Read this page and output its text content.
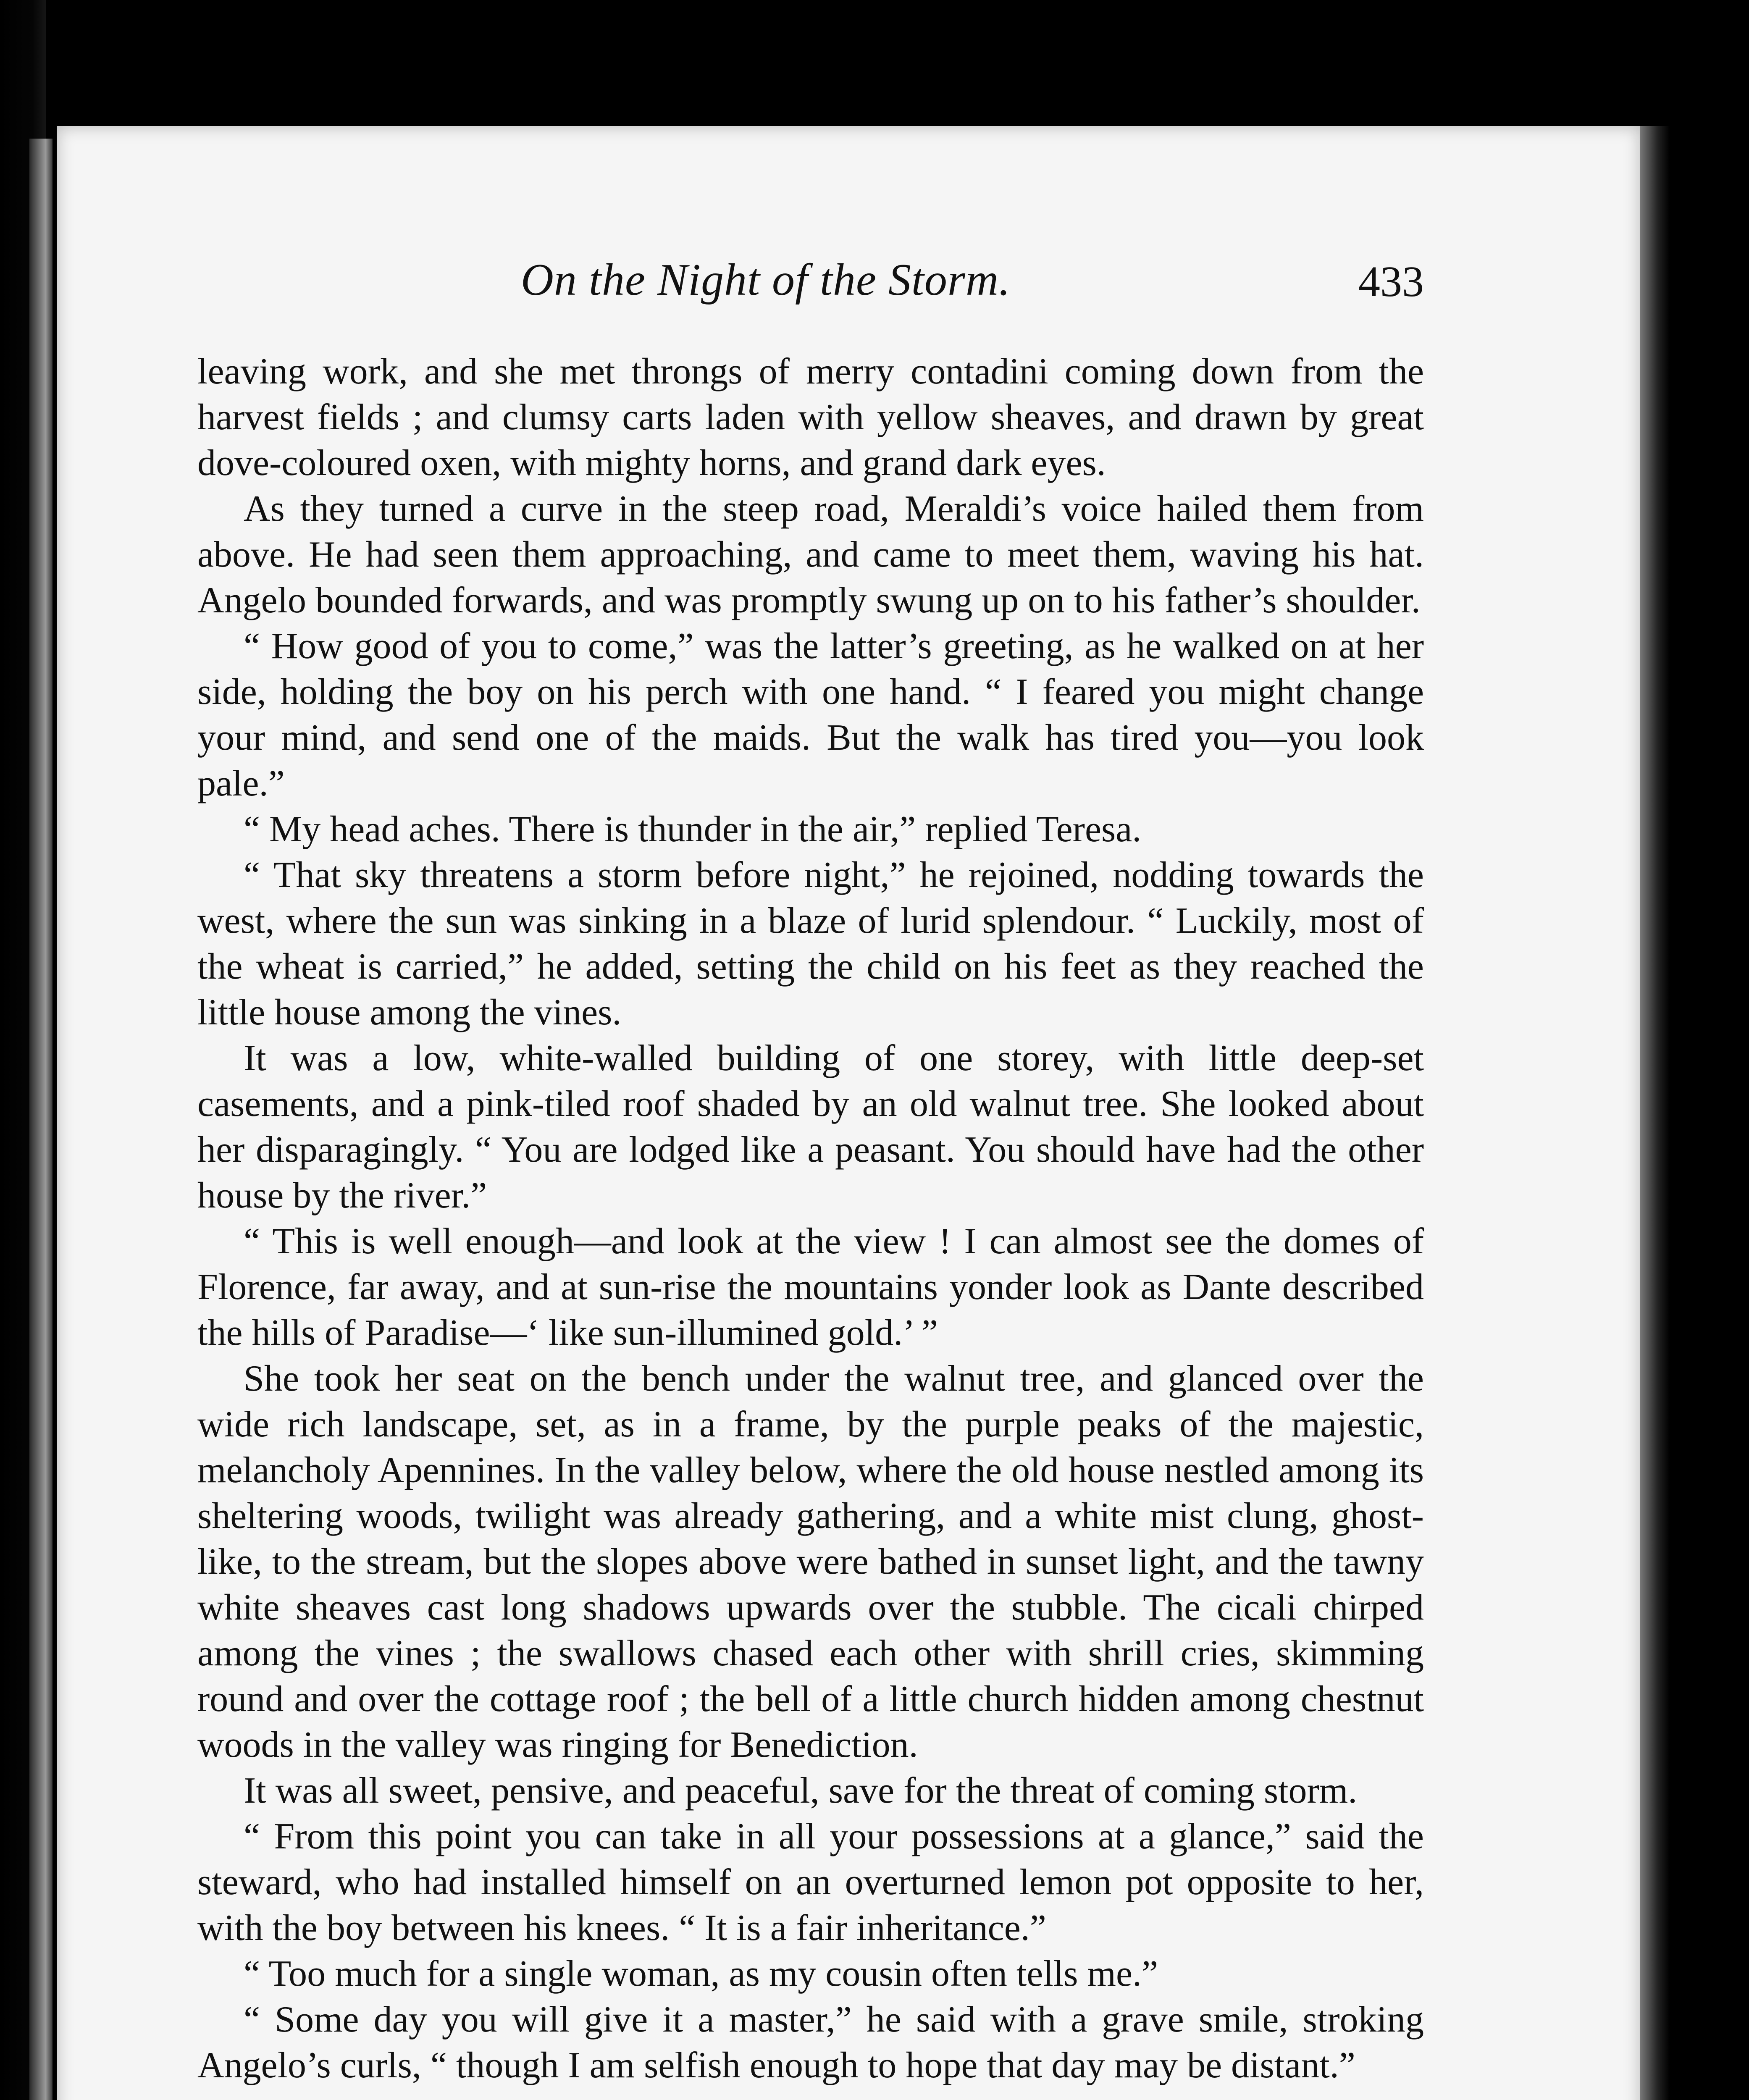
On the Night of the Storm.	433

leaving work, and she met throngs of merry contadini coming down from the harvest fields ; and clumsy carts laden with yellow sheaves, and drawn by great dove-coloured oxen, with mighty horns, and grand dark eyes.

As they turned a curve in the steep road, Meraldi’s voice hailed them from above. He had seen them approaching, and came to meet them, waving his hat. Angelo bounded forwards, and was promptly swung up on to his father’s shoulder.

“ How good of you to come,” was the latter’s greeting, as he walked on at her side, holding the boy on his perch with one hand. “ I feared you might change your mind, and send one of the maids. But the walk has tired you—you look pale.”

“ My head aches. There is thunder in the air,” replied Teresa.

“ That sky threatens a storm before night,” he rejoined, nodding towards the west, where the sun was sinking in a blaze of lurid splendour. “ Luckily, most of the wheat is carried,” he added, setting the child on his feet as they reached the little house among the vines.

It was a low, white-walled building of one storey, with little deep-set casements, and a pink-tiled roof shaded by an old walnut tree. She looked about her disparagingly. “ You are lodged like a peasant. You should have had the other house by the river.”

“ This is well enough—and look at the view ! I can almost see the domes of Florence, far away, and at sun-rise the mountains yonder look as Dante described the hills of Paradise—‘ like sun-illumined gold.’ ”

She took her seat on the bench under the walnut tree, and glanced over the wide rich landscape, set, as in a frame, by the purple peaks of the majestic, melancholy Apennines. In the valley below, where the old house nestled among its sheltering woods, twilight was already gathering, and a white mist clung, ghost-like, to the stream, but the slopes above were bathed in sunset light, and the tawny white sheaves cast long shadows upwards over the stubble. The cicali chirped among the vines ; the swallows chased each other with shrill cries, skimming round and over the cottage roof ; the bell of a little church hidden among chestnut woods in the valley was ringing for Benediction.

It was all sweet, pensive, and peaceful, save for the threat of coming storm.

“ From this point you can take in all your possessions at a glance,” said the steward, who had installed himself on an overturned lemon pot opposite to her, with the boy between his knees. “ It is a fair inheritance.”

“ Too much for a single woman, as my cousin often tells me.”

“ Some day you will give it a master,” he said with a grave smile, stroking Angelo’s curls, “ though I am selfish enough to hope that day may be distant.”
